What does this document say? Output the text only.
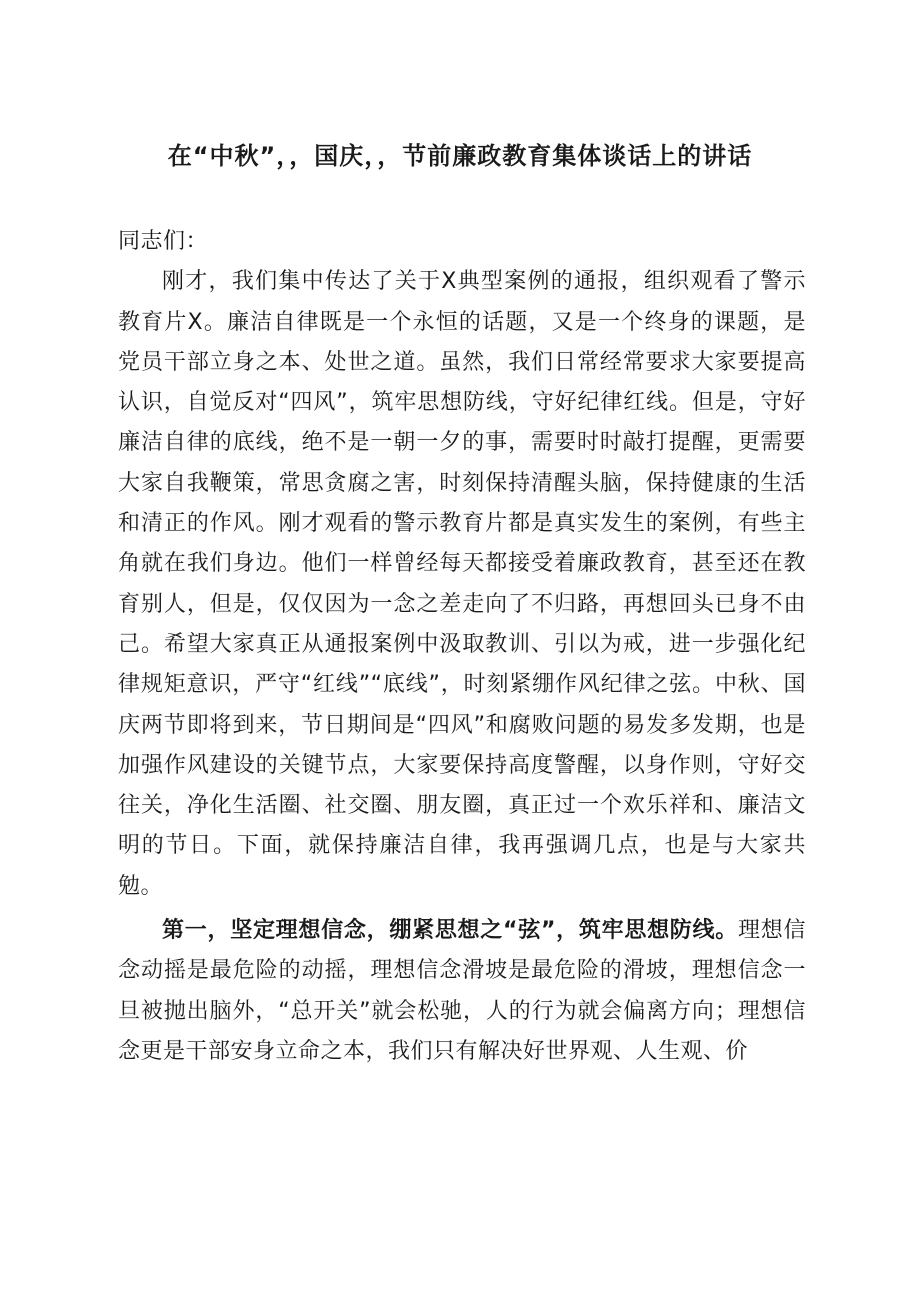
在“中秋”，，国庆，，节前廉政教育集体谈话上的讲话

同志们：

刚才，我们集中传达了关于X典型案例的通报，组织观看了警示教育片X。廉洁自律既是一个永恒的话题，又是一个终身的课题，是党员干部立身之本、处世之道。虽然，我们日常经常要求大家要提高认识，自觉反对“四风”，筑牢思想防线，守好纪律红线。但是，守好廉洁自律的底线，绝不是一朝一夕的事，需要时时敲打提醒，更需要大家自我鞭策，常思贪腐之害，时刻保持清醒头脑，保持健康的生活和清正的作风。刚才观看的警示教育片都是真实发生的案例，有些主角就在我们身边。他们一样曾经每天都接受着廉政教育，甚至还在教育别人，但是，仅仅因为一念之差走向了不归路，再想回头已身不由己。希望大家真正从通报案例中汲取教训、引以为戒，进一步强化纪律规矩意识，严守“红线”“底线”，时刻紧绷作风纪律之弦。中秋、国庆两节即将到来，节日期间是“四风”和腐败问题的易发多发期，也是加强作风建设的关键节点，大家要保持高度警醒，以身作则，守好交往关，净化生活圈、社交圈、朋友圈，真正过一个欢乐祥和、廉洁文明的节日。下面，就保持廉洁自律，我再强调几点，也是与大家共勉。

第一，坚定理想信念，绷紧思想之“弦”，筑牢思想防线。理想信念动摇是最危险的动摇，理想信念滑坡是最危险的滑坡，理想信念一旦被抛出脑外，“总开关”就会松驰，人的行为就会偏离方向；理想信念更是干部安身立命之本，我们只有解决好世界观、人生观、价
